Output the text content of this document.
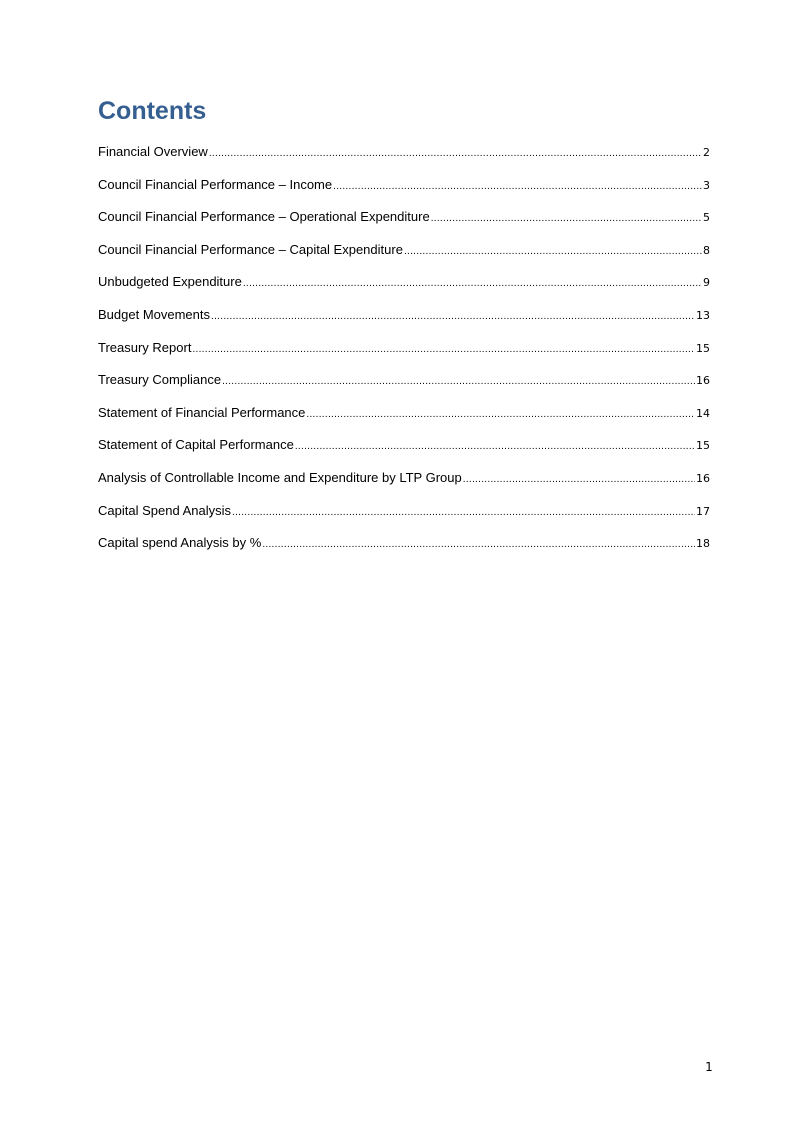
Contents
Financial Overview .....	2
Council Financial Performance – Income .....	3
Council Financial Performance – Operational Expenditure .....	5
Council Financial Performance – Capital Expenditure .....	8
Unbudgeted Expenditure .....	9
Budget Movements .....	13
Treasury Report .....	15
Treasury Compliance .....	16
Statement of Financial Performance .....	14
Statement of Capital Performance .....	15
Analysis of Controllable Income and Expenditure by LTP Group .....	16
Capital Spend Analysis .....	17
Capital spend Analysis by % .....	18
1
